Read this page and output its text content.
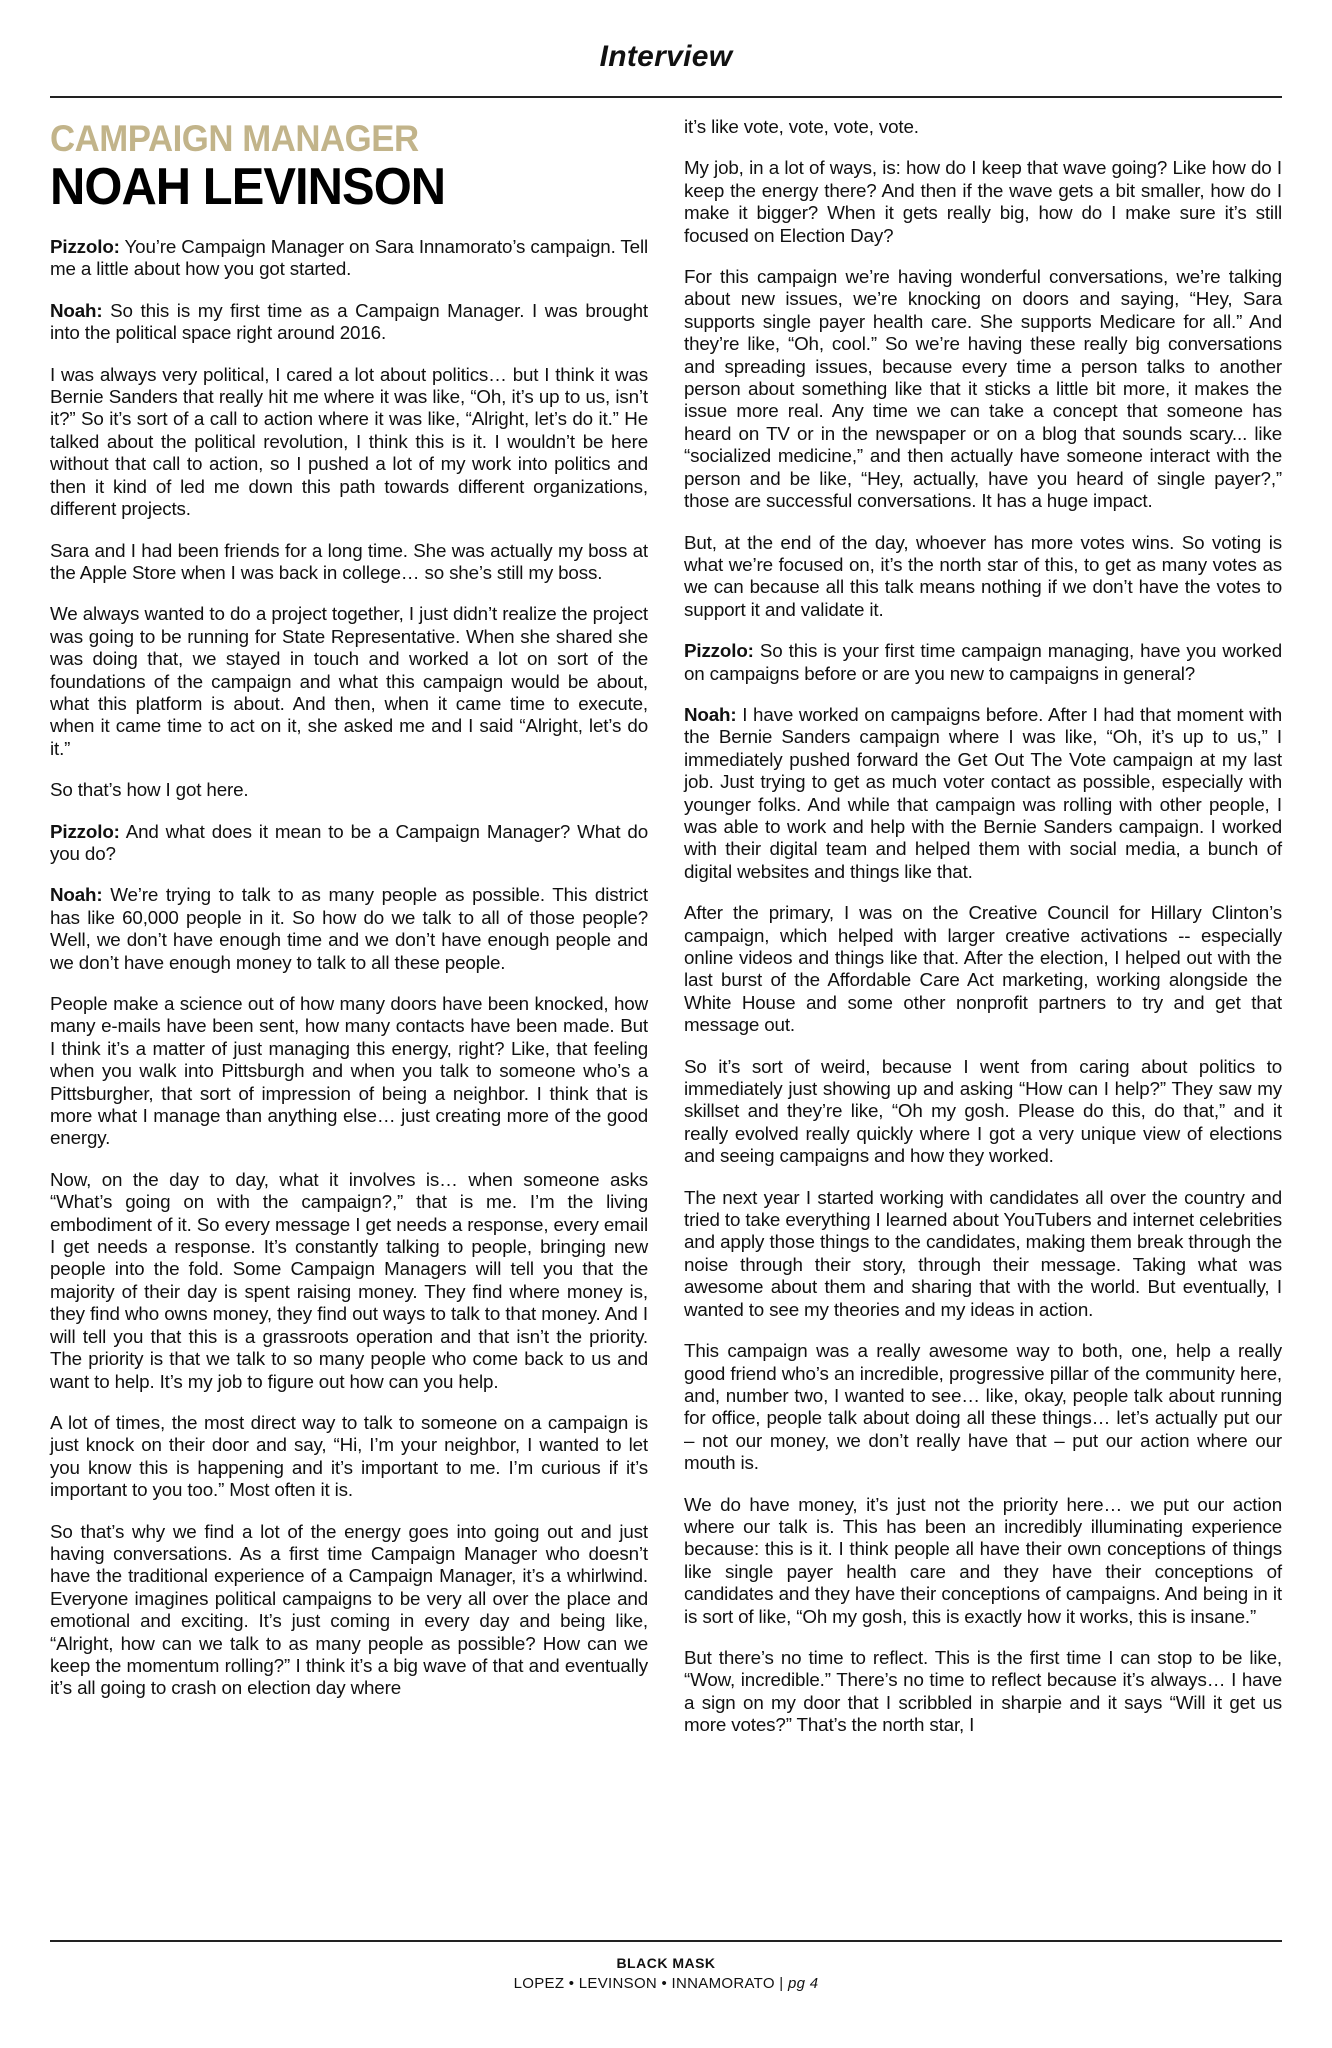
Interview
CAMPAIGN MANAGER
NOAH LEVINSON

Pizzolo: You’re Campaign Manager on Sara Innamorato’s campaign. Tell me a little about how you got started.

Noah: So this is my first time as a Campaign Manager. I was brought into the political space right around 2016.

I was always very political, I cared a lot about politics… but I think it was Bernie Sanders that really hit me where it was like, “Oh, it’s up to us, isn’t it?” So it’s sort of a call to action where it was like, “Alright, let’s do it.” He talked about the political revolution, I think this is it. I wouldn’t be here without that call to action, so I pushed a lot of my work into politics and then it kind of led me down this path towards different organizations, different projects.

Sara and I had been friends for a long time. She was actually my boss at the Apple Store when I was back in college… so she’s still my boss.

We always wanted to do a project together, I just didn’t realize the project was going to be running for State Representative. When she shared she was doing that, we stayed in touch and worked a lot on sort of the foundations of the campaign and what this campaign would be about, what this platform is about. And then, when it came time to execute, when it came time to act on it, she asked me and I said “Alright, let’s do it.”

So that’s how I got here.

Pizzolo: And what does it mean to be a Campaign Manager? What do you do?

Noah: We’re trying to talk to as many people as possible. This district has like 60,000 people in it. So how do we talk to all of those people? Well, we don’t have enough time and we don’t have enough people and we don’t have enough money to talk to all these people.

People make a science out of how many doors have been knocked, how many e-mails have been sent, how many contacts have been made. But I think it’s a matter of just managing this energy, right? Like, that feeling when you walk into Pittsburgh and when you talk to someone who’s a Pittsburgher, that sort of impression of being a neighbor. I think that is more what I manage than anything else… just creating more of the good energy.

Now, on the day to day, what it involves is… when someone asks “What’s going on with the campaign?,” that is me. I’m the living embodiment of it. So every message I get needs a response, every email I get needs a response. It’s constantly talking to people, bringing new people into the fold. Some Campaign Managers will tell you that the majority of their day is spent raising money. They find where money is, they find who owns money, they find out ways to talk to that money. And I will tell you that this is a grassroots operation and that isn’t the priority. The priority is that we talk to so many people who come back to us and want to help. It’s my job to figure out how can you help.

A lot of times, the most direct way to talk to someone on a campaign is just knock on their door and say, “Hi, I’m your neighbor, I wanted to let you know this is happening and it’s important to me. I’m curious if it’s important to you too.” Most often it is.

So that’s why we find a lot of the energy goes into going out and just having conversations. As a first time Campaign Manager who doesn’t have the traditional experience of a Campaign Manager, it’s a whirlwind. Everyone imagines political campaigns to be very all over the place and emotional and exciting. It’s just coming in every day and being like, “Alright, how can we talk to as many people as possible? How can we keep the momentum rolling?” I think it’s a big wave of that and eventually it’s all going to crash on election day where

it’s like vote, vote, vote, vote.

My job, in a lot of ways, is: how do I keep that wave going? Like how do I keep the energy there? And then if the wave gets a bit smaller, how do I make it bigger? When it gets really big, how do I make sure it’s still focused on Election Day?

For this campaign we’re having wonderful conversations, we’re talking about new issues, we’re knocking on doors and saying, “Hey, Sara supports single payer health care. She supports Medicare for all.” And they’re like, “Oh, cool.” So we’re having these really big conversations and spreading issues, because every time a person talks to another person about something like that it sticks a little bit more, it makes the issue more real. Any time we can take a concept that someone has heard on TV or in the newspaper or on a blog that sounds scary... like “socialized medicine,” and then actually have someone interact with the person and be like, “Hey, actually, have you heard of single payer?,” those are successful conversations. It has a huge impact.

But, at the end of the day, whoever has more votes wins. So voting is what we’re focused on, it’s the north star of this, to get as many votes as we can because all this talk means nothing if we don’t have the votes to support it and validate it.

Pizzolo: So this is your first time campaign managing, have you worked on campaigns before or are you new to campaigns in general?

Noah: I have worked on campaigns before. After I had that moment with the Bernie Sanders campaign where I was like, “Oh, it’s up to us,” I immediately pushed forward the Get Out The Vote campaign at my last job. Just trying to get as much voter contact as possible, especially with younger folks. And while that campaign was rolling with other people, I was able to work and help with the Bernie Sanders campaign. I worked with their digital team and helped them with social media, a bunch of digital websites and things like that.

After the primary, I was on the Creative Council for Hillary Clinton’s campaign, which helped with larger creative activations -- especially online videos and things like that. After the election, I helped out with the last burst of the Affordable Care Act marketing, working alongside the White House and some other nonprofit partners to try and get that message out.

So it’s sort of weird, because I went from caring about politics to immediately just showing up and asking “How can I help?” They saw my skillset and they’re like, “Oh my gosh. Please do this, do that,” and it really evolved really quickly where I got a very unique view of elections and seeing campaigns and how they worked.

The next year I started working with candidates all over the country and tried to take everything I learned about YouTubers and internet celebrities and apply those things to the candidates, making them break through the noise through their story, through their message. Taking what was awesome about them and sharing that with the world. But eventually, I wanted to see my theories and my ideas in action.

This campaign was a really awesome way to both, one, help a really good friend who’s an incredible, progressive pillar of the community here, and, number two, I wanted to see… like, okay, people talk about running for office, people talk about doing all these things… let’s actually put our – not our money, we don’t really have that – put our action where our mouth is.

We do have money, it’s just not the priority here… we put our action where our talk is. This has been an incredibly illuminating experience because: this is it. I think people all have their own conceptions of things like single payer health care and they have their conceptions of candidates and they have their conceptions of campaigns. And being in it is sort of like, “Oh my gosh, this is exactly how it works, this is insane.”

But there’s no time to reflect. This is the first time I can stop to be like, “Wow, incredible.” There’s no time to reflect because it’s always… I have a sign on my door that I scribbled in sharpie and it says “Will it get us more votes?” That’s the north star, I

BLACK MASK
LOPEZ • LEVINSON • INNAMORATO | pg 4
